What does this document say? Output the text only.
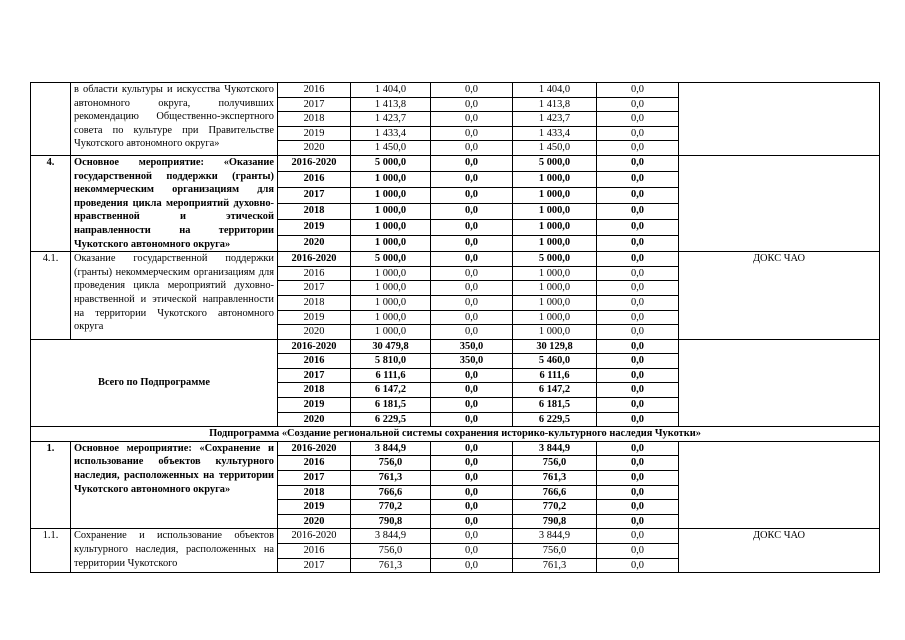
	в области культуры и искусства Чукотского автономного округа, получивших рекомендацию Общественно-экспертного совета по культуре при Правительстве Чукотского автономного округа»	2016	1 404,0	0,0	1 404,0	0,0	
		2017	1 413,8	0,0	1 413,8	0,0	
		2018	1 423,7	0,0	1 423,7	0,0	
		2019	1 433,4	0,0	1 433,4	0,0	
		2020	1 450,0	0,0	1 450,0	0,0	
4.	Основное мероприятие: «Оказание государственной поддержки (гранты) некоммерческим организациям для проведения цикла мероприятий духовно-нравственной и этической направленности на территории Чукотского автономного округа»	2016-2020	5 000,0	0,0	5 000,0	0,0	
		2016	1 000,0	0,0	1 000,0	0,0	
		2017	1 000,0	0,0	1 000,0	0,0	
		2018	1 000,0	0,0	1 000,0	0,0	
		2019	1 000,0	0,0	1 000,0	0,0	
		2020	1 000,0	0,0	1 000,0	0,0	
4.1.	Оказание государственной поддержки (гранты) некоммерческим организациям для проведения цикла мероприятий духовно-нравственной и этической направленности на территории Чукотского автономного округа	2016-2020	5 000,0	0,0	5 000,0	0,0	ДОКС ЧАО
		2016	1 000,0	0,0	1 000,0	0,0	
		2017	1 000,0	0,0	1 000,0	0,0	
		2018	1 000,0	0,0	1 000,0	0,0	
		2019	1 000,0	0,0	1 000,0	0,0	
		2020	1 000,0	0,0	1 000,0	0,0	
Всего по Подпрограмме		2016-2020	30 479,8	350,0	30 129,8	0,0	
		2016	5 810,0	350,0	5 460,0	0,0	
		2017	6 111,6	0,0	6 111,6	0,0	
		2018	6 147,2	0,0	6 147,2	0,0	
		2019	6 181,5	0,0	6 181,5	0,0	
		2020	6 229,5	0,0	6 229,5	0,0	
Подпрограмма «Создание региональной системы сохранения историко-культурного наследия Чукотки»							
1.	Основное мероприятие: «Сохранение и использование объектов культурного наследия, расположенных на территории Чукотского автономного округа»	2016-2020	3 844,9	0,0	3 844,9	0,0	
		2016	756,0	0,0	756,0	0,0	
		2017	761,3	0,0	761,3	0,0	
		2018	766,6	0,0	766,6	0,0	
		2019	770,2	0,0	770,2	0,0	
		2020	790,8	0,0	790,8	0,0	
1.1.	Сохранение и использование объектов культурного наследия, расположенных на территории Чукотского	2016-2020	3 844,9	0,0	3 844,9	0,0	ДОКС ЧАО
		2016	756,0	0,0	756,0	0,0	
		2017	761,3	0,0	761,3	0,0	
